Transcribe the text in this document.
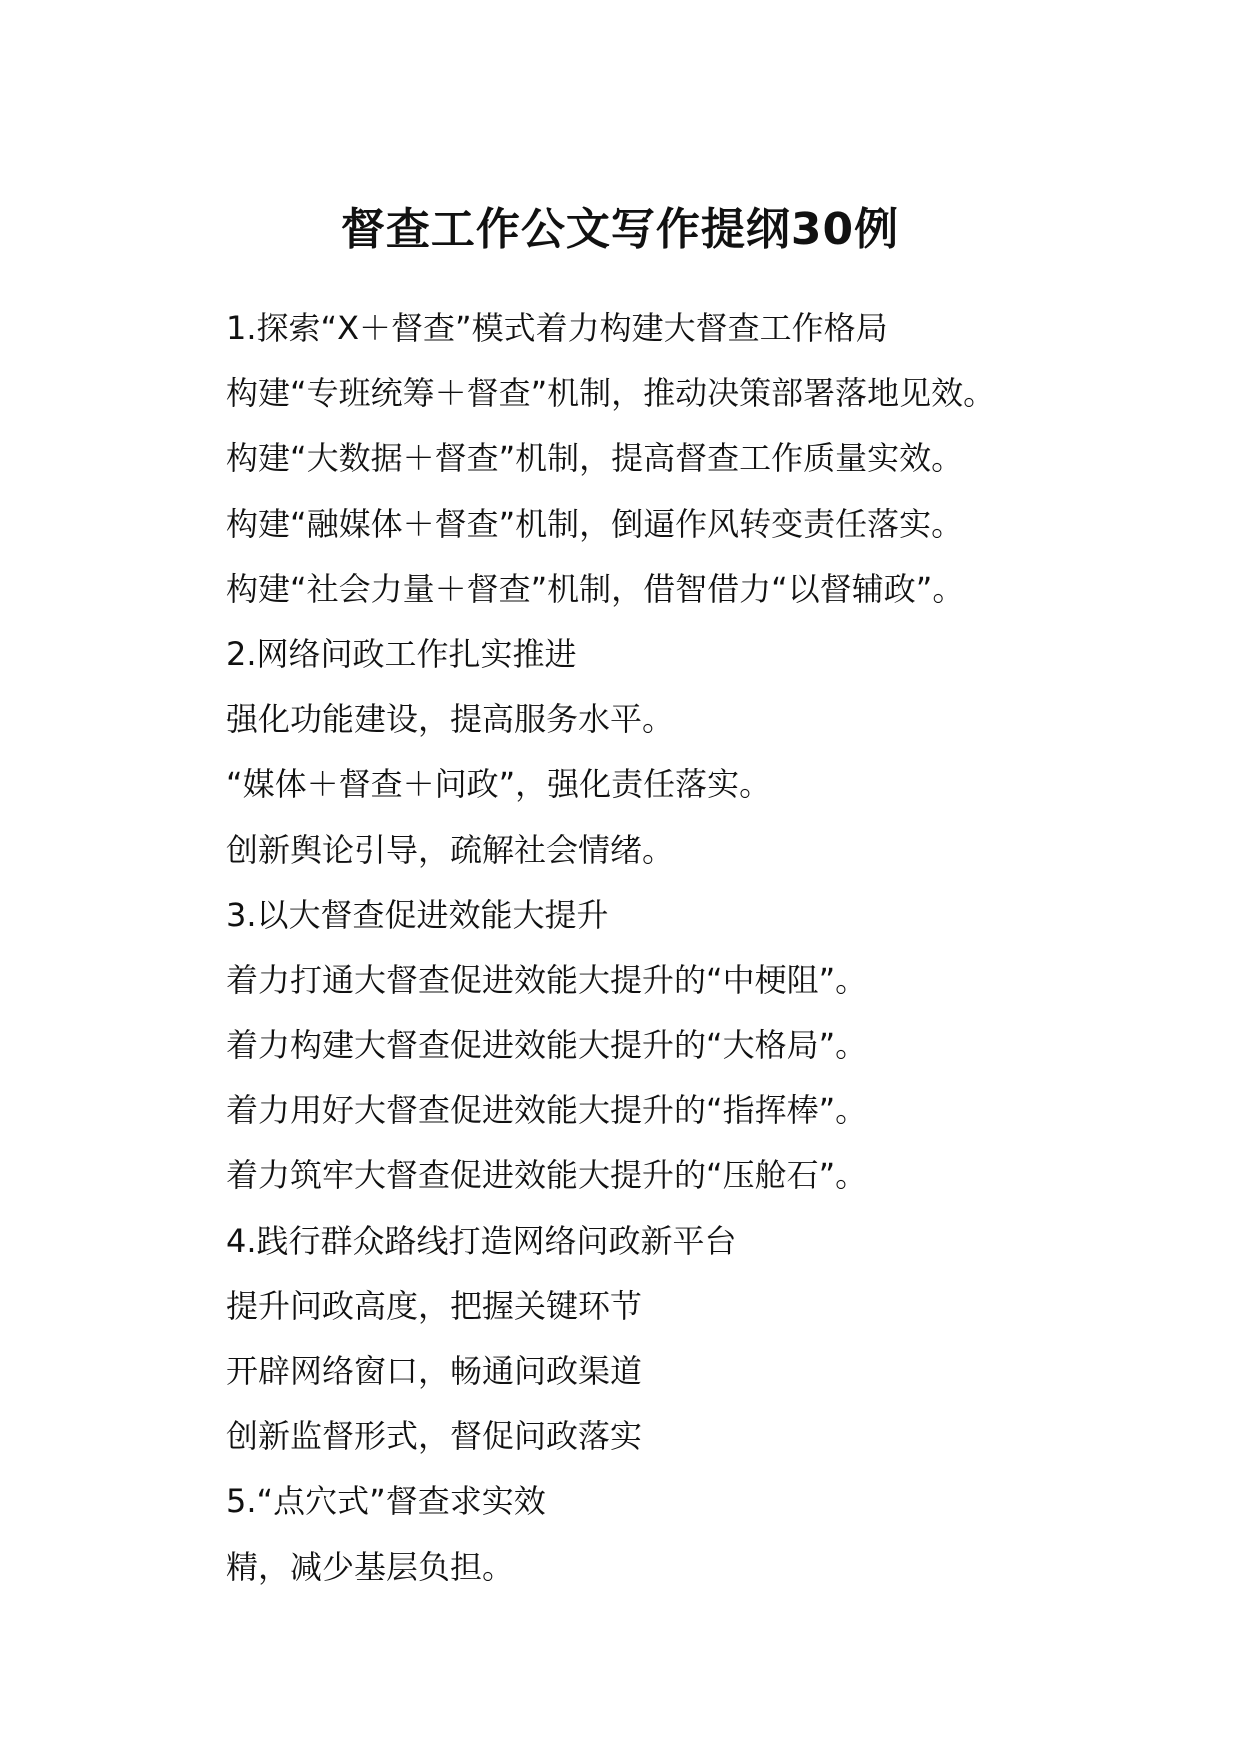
督查工作公文写作提纲30例

1.探索“X＋督查”模式着力构建大督查工作格局

构建“专班统筹＋督查”机制，推动决策部署落地见效。

构建“大数据＋督查”机制，提高督查工作质量实效。

构建“融媒体＋督查”机制，倒逼作风转变责任落实。

构建“社会力量＋督查”机制，借智借力“以督辅政”。

2.网络问政工作扎实推进

强化功能建设，提高服务水平。

“媒体＋督查＋问政”，强化责任落实。

创新舆论引导，疏解社会情绪。

3.以大督查促进效能大提升

着力打通大督查促进效能大提升的“中梗阻”。

着力构建大督查促进效能大提升的“大格局”。

着力用好大督查促进效能大提升的“指挥棒”。

着力筑牢大督查促进效能大提升的“压舱石”。

4.践行群众路线打造网络问政新平台

提升问政高度，把握关键环节

开辟网络窗口，畅通问政渠道

创新监督形式，督促问政落实

5.“点穴式”督查求实效

精，减少基层负担。
